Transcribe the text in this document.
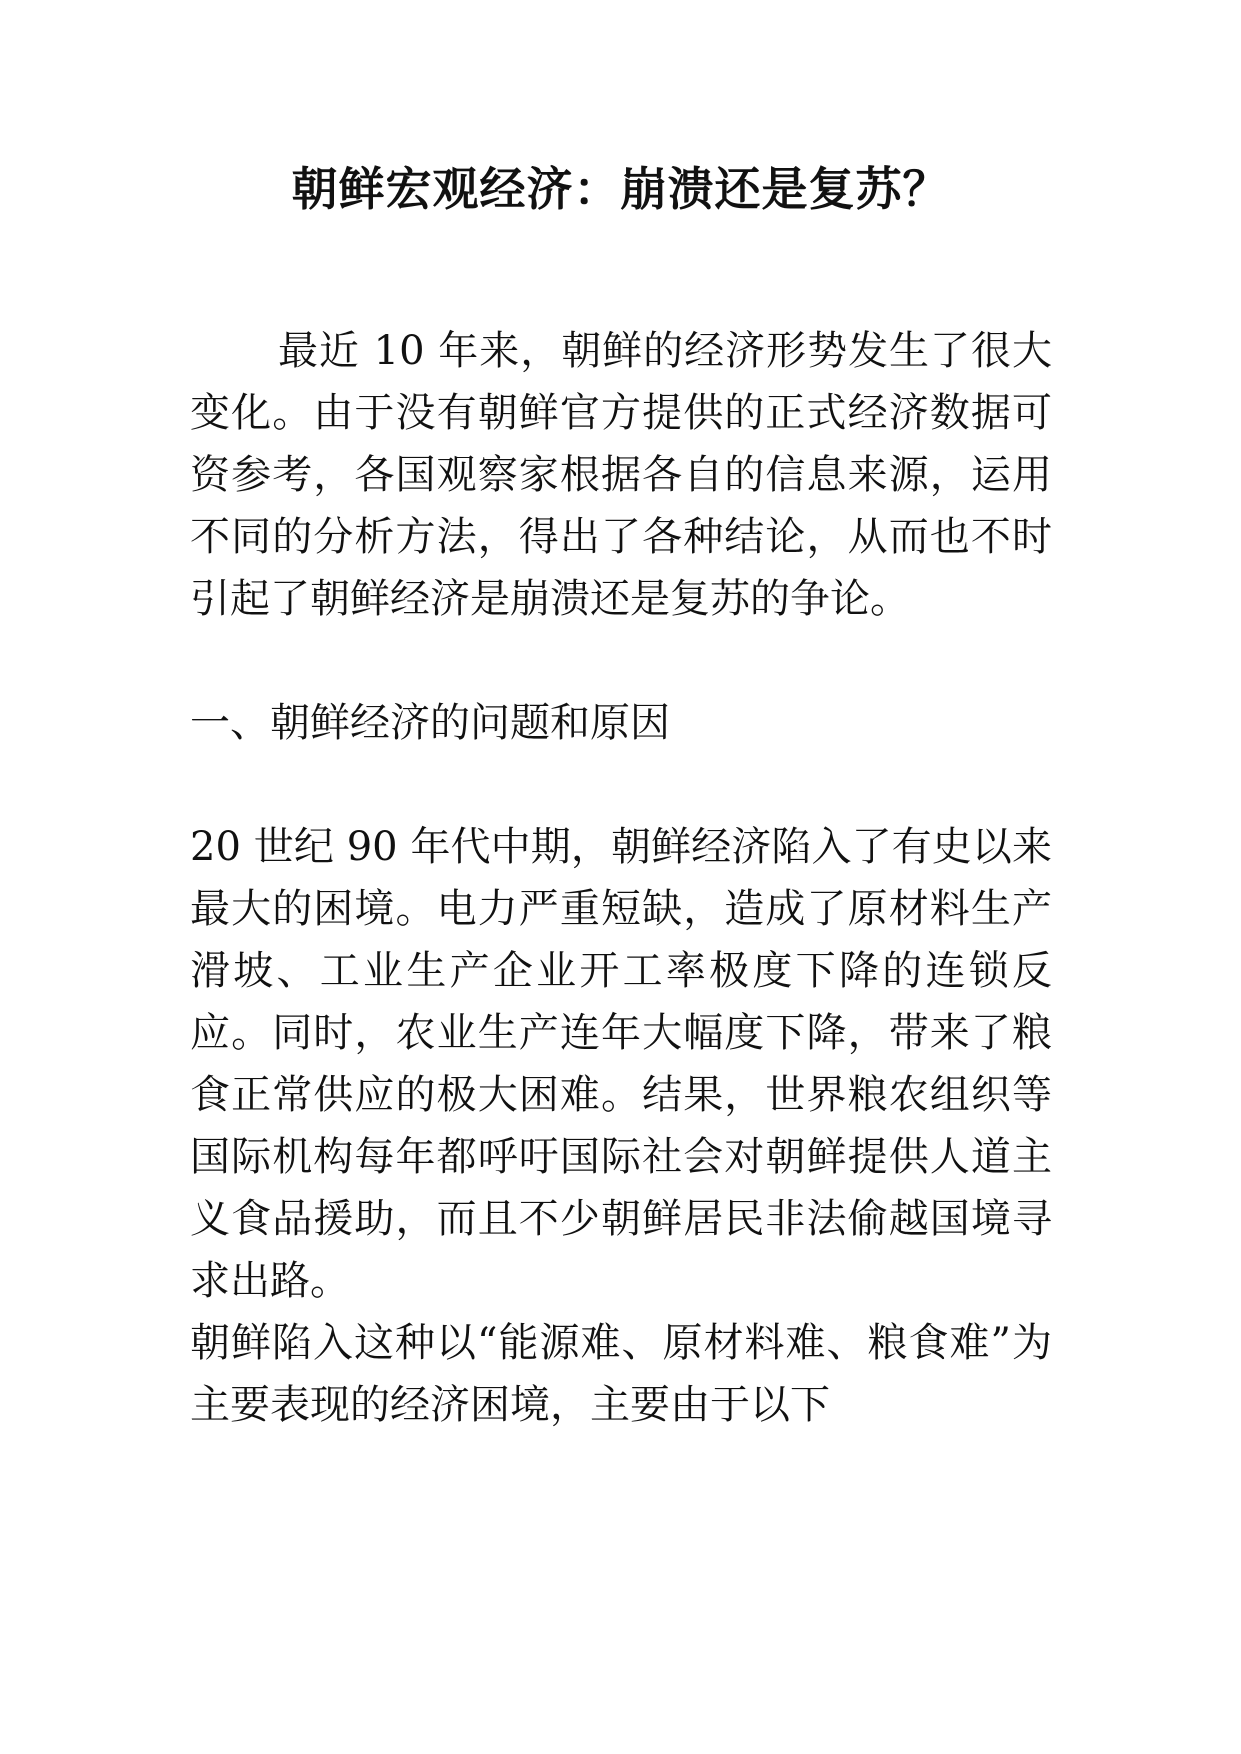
朝鲜宏观经济：崩溃还是复苏？

最近 10 年来，朝鲜的经济形势发生了很大变化。由于没有朝鲜官方提供的正式经济数据可资参考，各国观察家根据各自的信息来源，运用不同的分析方法，得出了各种结论，从而也不时引起了朝鲜经济是崩溃还是复苏的争论。

一、朝鲜经济的问题和原因

20 世纪 90 年代中期，朝鲜经济陷入了有史以来最大的困境。电力严重短缺，造成了原材料生产滑坡、工业生产企业开工率极度下降的连锁反应。同时，农业生产连年大幅度下降，带来了粮食正常供应的极大困难。结果，世界粮农组织等国际机构每年都呼吁国际社会对朝鲜提供人道主义食品援助，而且不少朝鲜居民非法偷越国境寻求出路。

朝鲜陷入这种以“能源难、原材料难、粮食难”为主要表现的经济困境，主要由于以下
